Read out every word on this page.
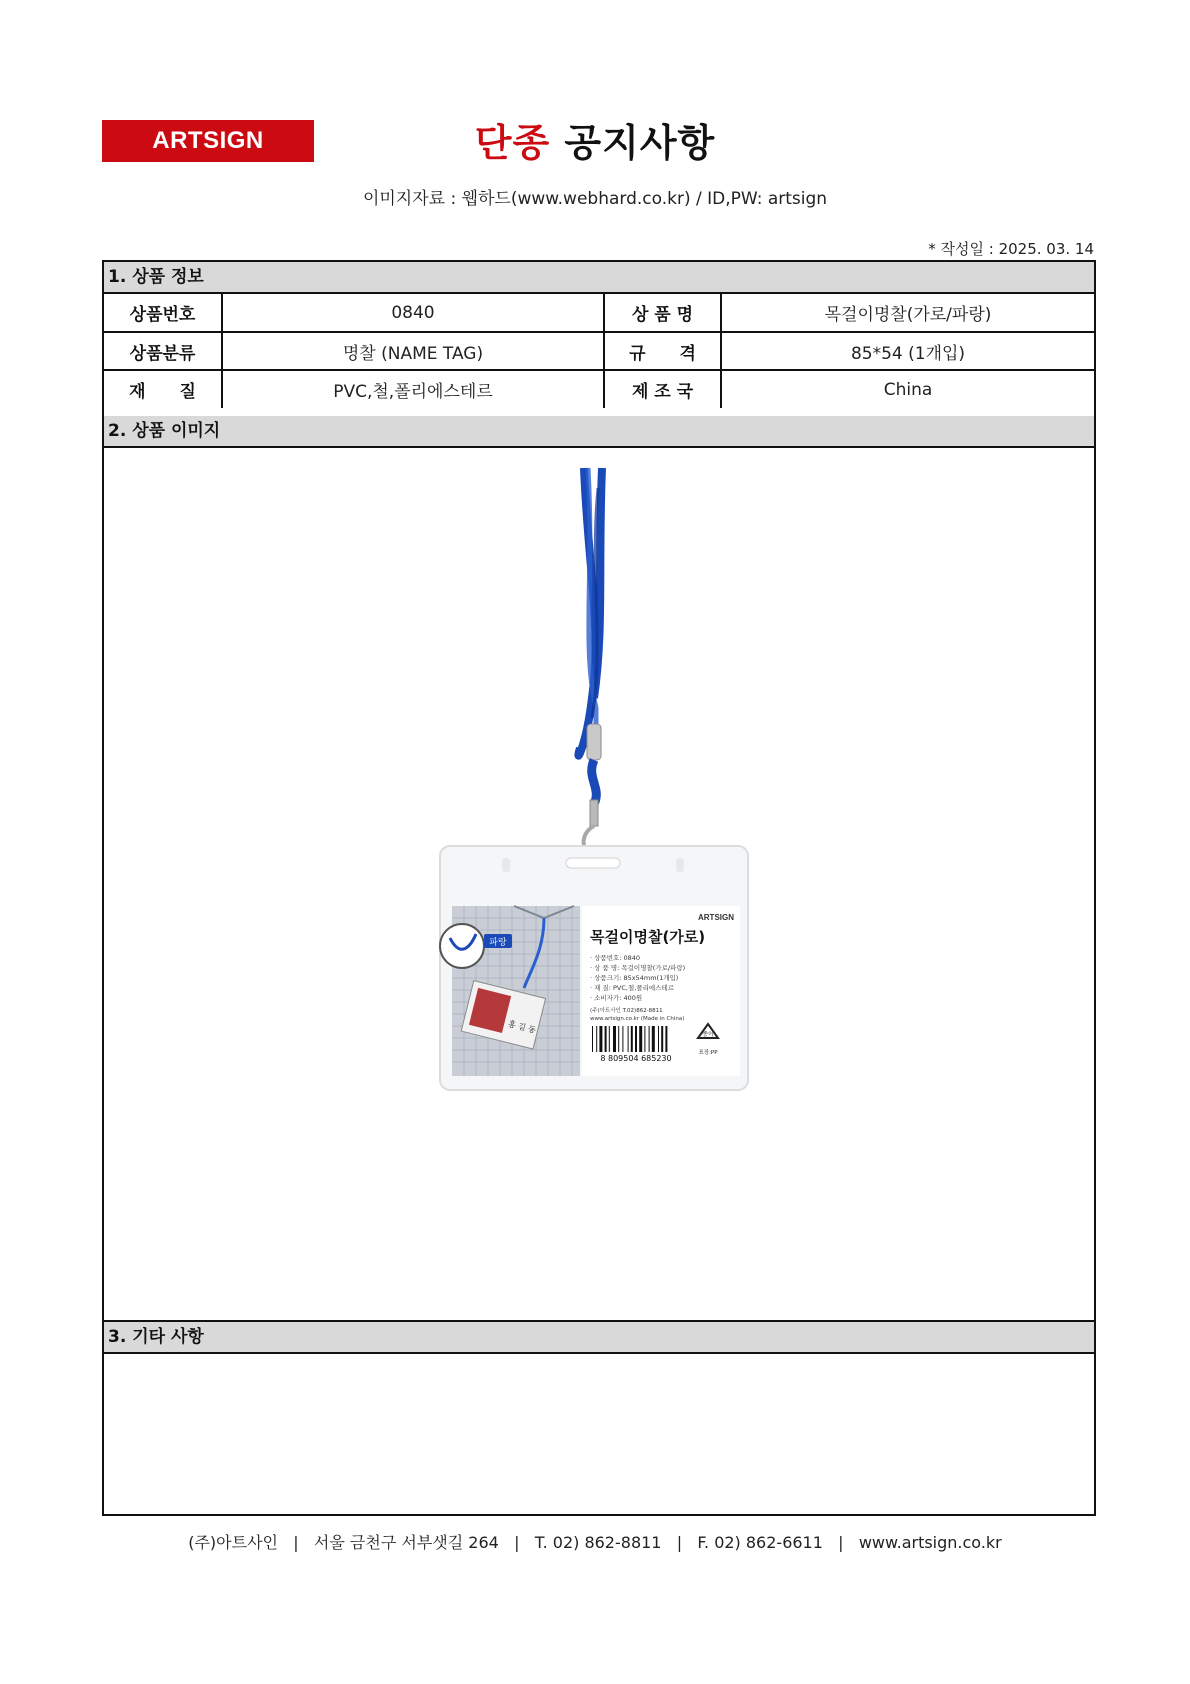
ARTSIGN	단종 공지사항
이미지자료 : 웹하드(www.webhard.co.kr) / ID,PW: artsign
* 작성일 : 2025. 03. 14
1. 상품 정보
상품번호	0840	상 품 명	목걸이명찰(가로/파랑)
상품분류	명찰 (NAME TAG)	규　　격	85*54 (1개입)
재　　질	PVC,철,폴리에스테르	제 조 국	China
2. 상품 이미지
파랑
홍 길 동
ARTSIGN
목걸이명찰(가로)
· 상품번호: 0840
· 상 품 명: 목걸이명찰(가로/파랑)
· 상품크기: 85x54mm(1개입)
· 재 질: PVC,철,폴리에스테르
· 소비자가: 400원
(주)아트사인 T.02)862-8811
www.artsign.co.kr (Made in China)
8 809504 685230
종이
표장:PP
3. 기타 사항
(주)아트사인   |   서울 금천구 서부샛길 264   |   T. 02) 862-8811   |   F. 02) 862-6611   |   www.artsign.co.kr
